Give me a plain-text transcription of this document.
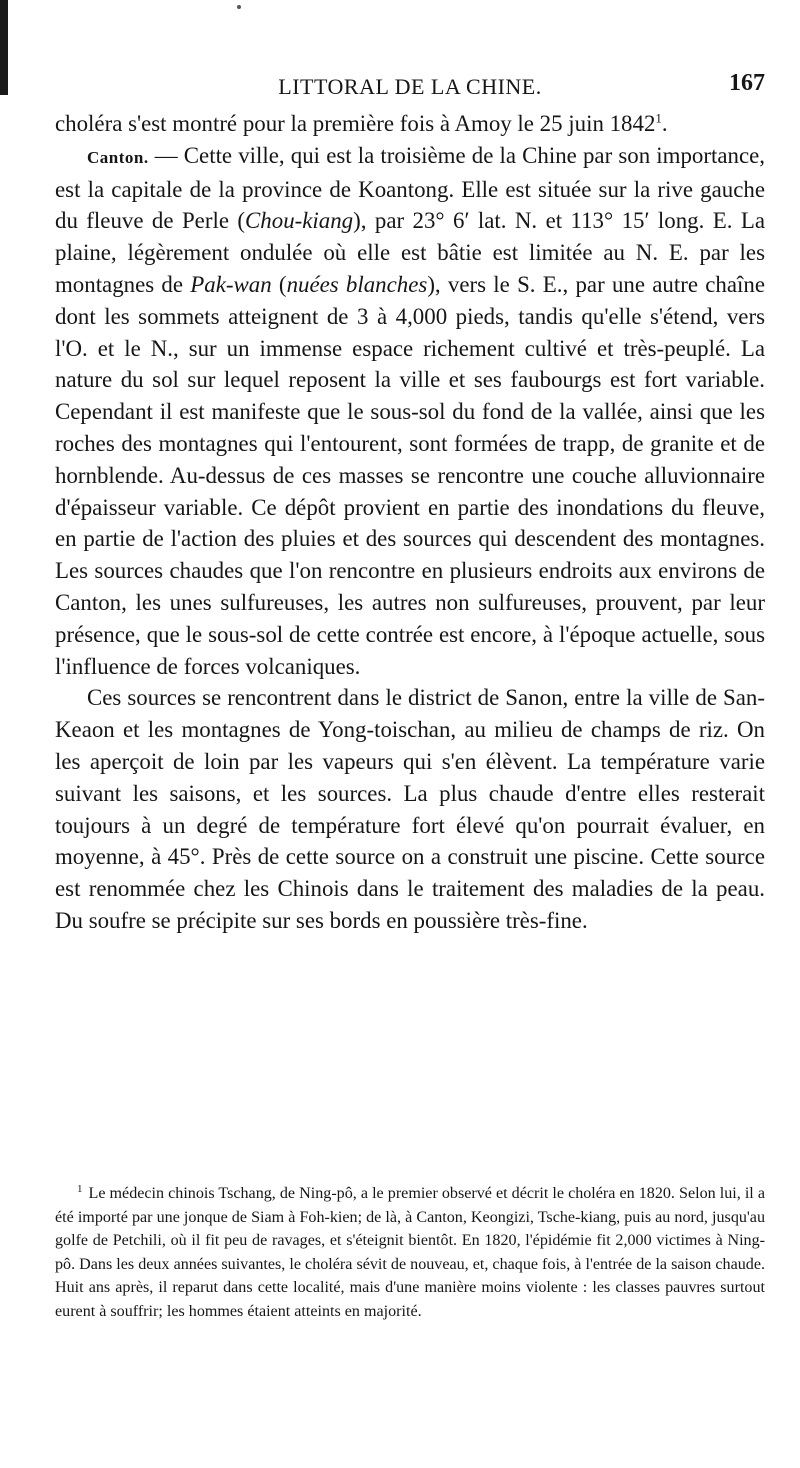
LITTORAL DE LA CHINE.	167

choléra s'est montré pour la première fois à Amoy le 25 juin 1842$^1$.

Canton. — Cette ville, qui est la troisième de la Chine par son importance, est la capitale de la province de Koantong. Elle est située sur la rive gauche du fleuve de Perle (Chou-kiang), par 23° 6′ lat. N. et 113° 15′ long. E. La plaine, légèrement ondulée où elle est bâtie est limitée au N. E. par les montagnes de Pak-wan (nuées blanches), vers le S. E., par une autre chaîne dont les sommets atteignent de 3 à 4,000 pieds, tandis qu'elle s'étend, vers l'O. et le N., sur un immense espace richement cultivé et très-peuplé. La nature du sol sur lequel reposent la ville et ses faubourgs est fort variable. Cependant il est manifeste que le sous-sol du fond de la vallée, ainsi que les roches des montagnes qui l'entourent, sont formées de trapp, de granite et de hornblende. Au-dessus de ces masses se rencontre une couche alluvionnaire d'épaisseur variable. Ce dépôt provient en partie des inondations du fleuve, en partie de l'action des pluies et des sources qui descendent des montagnes. Les sources chaudes que l'on rencontre en plusieurs endroits aux environs de Canton, les unes sulfureuses, les autres non sulfureuses, prouvent, par leur présence, que le sous-sol de cette contrée est encore, à l'époque actuelle, sous l'influence de forces volcaniques.

Ces sources se rencontrent dans le district de Sanon, entre la ville de San-Keaon et les montagnes de Yong-toischan, au milieu de champs de riz. On les aperçoit de loin par les vapeurs qui s'en élèvent. La température varie suivant les saisons, et les sources. La plus chaude d'entre elles resterait toujours à un degré de température fort élevé qu'on pourrait évaluer, en moyenne, à 45°. Près de cette source on a construit une piscine. Cette source est renommée chez les Chinois dans le traitement des maladies de la peau. Du soufre se précipite sur ses bords en poussière très-fine.

$^1$ Le médecin chinois Tschang, de Ning-pô, a le premier observé et décrit le choléra en 1820. Selon lui, il a été importé par une jonque de Siam à Foh-kien; de là, à Canton, Keongizi, Tsche-kiang, puis au nord, jusqu'au golfe de Petchili, où il fit peu de ravages, et s'éteignit bientôt. En 1820, l'épidémie fit 2,000 victimes à Ning-pô. Dans les deux années suivantes, le choléra sévit de nouveau, et, chaque fois, à l'entrée de la saison chaude. Huit ans après, il reparut dans cette localité, mais d'une manière moins violente : les classes pauvres surtout eurent à souffrir; les hommes étaient atteints en majorité.
